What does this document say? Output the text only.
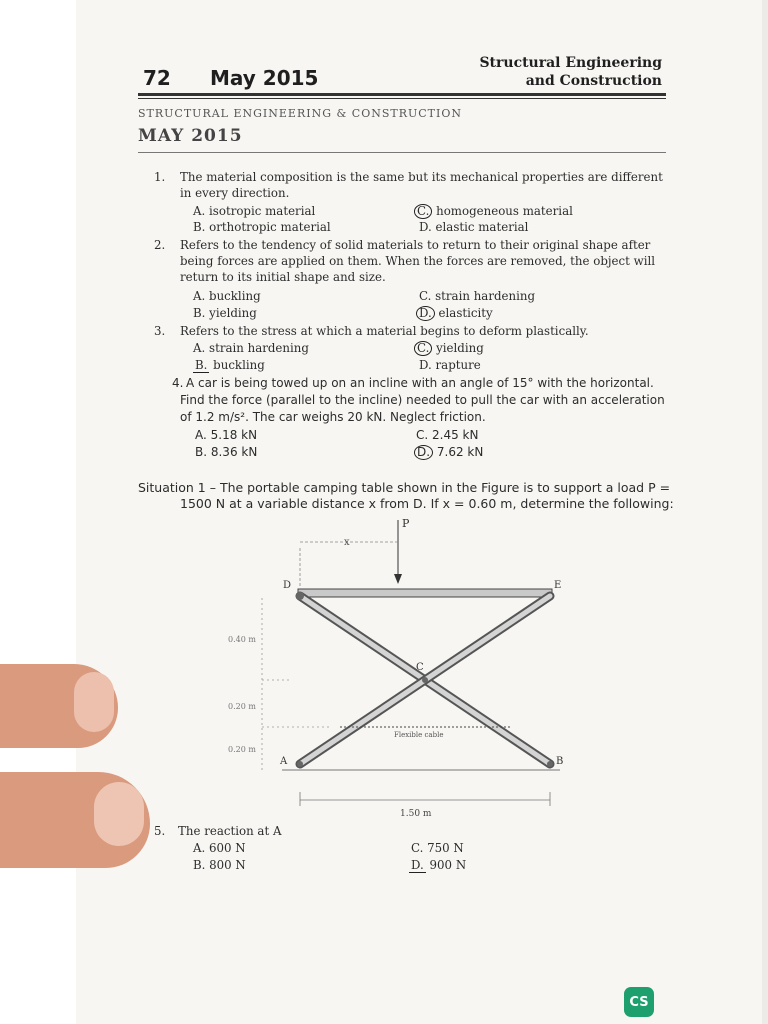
72 May 2015
Structural Engineering
and Construction
STRUCTURAL ENGINEERING & CONSTRUCTION
MAY 2015
1. The material composition is the same but its mechanical properties are different
in every direction.
A. isotropic material
B. orthotropic material
C. homogeneous material
D. elastic material
2. Refers to the tendency of solid materials to return to their original shape after
being forces are applied on them. When the forces are removed, the object will
return to its initial shape and size.
A. buckling
B. yielding
C. strain hardening
D. elasticity
3. Refers to the stress at which a material begins to deform plastically.
A. strain hardening
B. buckling
C. yielding
D. rapture
4. A car is being towed up on an incline with an angle of 15° with the horizontal.
Find the force (parallel to the incline) needed to pull the car with an acceleration
of 1.2 m/s². The car weighs 20 kN. Neglect friction.
A. 5.18 kN
B. 8.36 kN
C. 2.45 kN
D. 7.62 kN
Situation 1 – The portable camping table shown in the Figure is to support a load P =
1500 N at a variable distance x from D. If x = 0.60 m, determine the following:
P
x
D	E
C
A	B
0.40 m
0.20 m
0.20 m
Flexible cable
1.50 m
5. The reaction at A
A. 600 N
B. 800 N
C. 750 N
D. 900 N
CS
